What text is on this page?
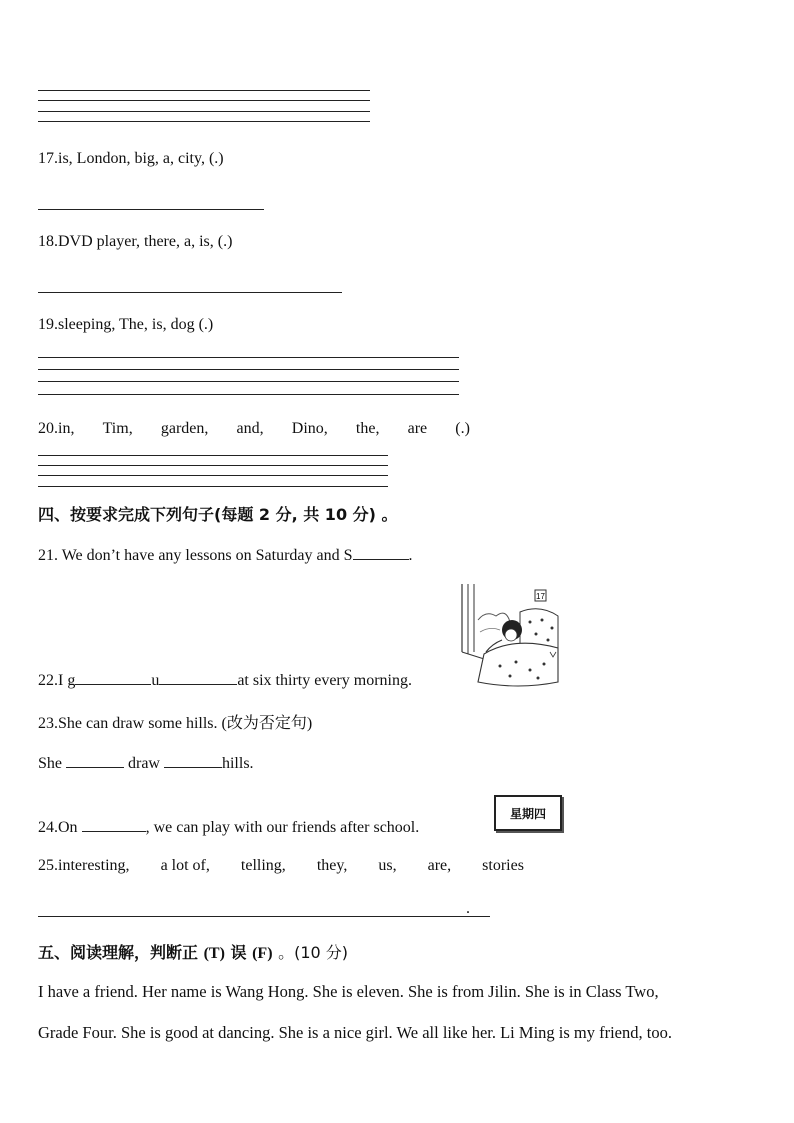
17.is, London, big, a, city, (.)
18.DVD player, there, a, is, (.)
19.sleeping, The, is, dog (.)
20.in, Tim, garden, and, Dino, the, are (.)
四、按要求完成下列句子(每题 2 分, 共 10 分) 。
21. We don’t have any lessons on Saturday and S	.
17
22.I g	u	at six thirty every morning.
23.She can draw some hills. (改为否定句)
She	draw	hills.
24.On	, we can play with our friends after school.
星期四
25.interesting, a lot of, telling, they, us, are, stories
.
五、阅读理解，判断正 (T) 误 (F) 。(10 分)
I have a friend. Her name is Wang Hong. She is eleven. She is from Jilin. She is in Class Two,
Grade Four. She is good at dancing. She is a nice girl. We all like her. Li Ming is my friend, too.
